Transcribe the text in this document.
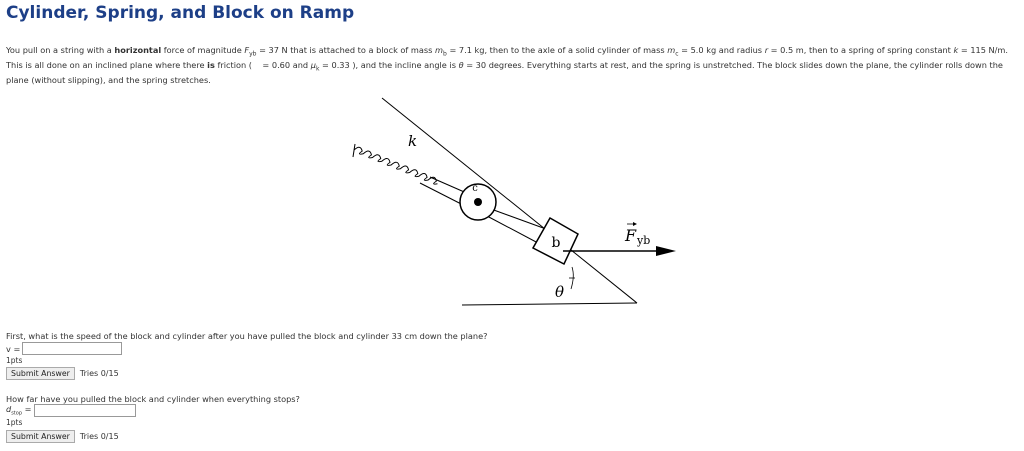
Cylinder, Spring, and Block on Ramp
You pull on a string with a horizontal force of magnitude $F_{yb} = 37$ N that is attached to a block of mass $m_b = 7.1$ kg, then to the axle of a solid cylinder of mass $m_c = 5.0$ kg and radius r = 0.5 m, then to a spring of spring constant k = 115 N/m. This is all done on an inclined plane where there is friction ( = 0.60 and $\mu_k = 0.33$ ), and the incline angle is θ = 30 degrees. Everything starts at rest, and the spring is unstretched. The block slides down the plane, the cylinder rolls down the plane (without slipping), and the spring stretches.
k
c
b	F yb
θ
First, what is the speed of the block and cylinder after you have pulled the block and cylinder 33 cm down the plane?
v =
1pts
Submit Answer	Tries 0/15
How far have you pulled the block and cylinder when everything stops?
$d_{stop}$ =
1pts
Submit Answer	Tries 0/15
